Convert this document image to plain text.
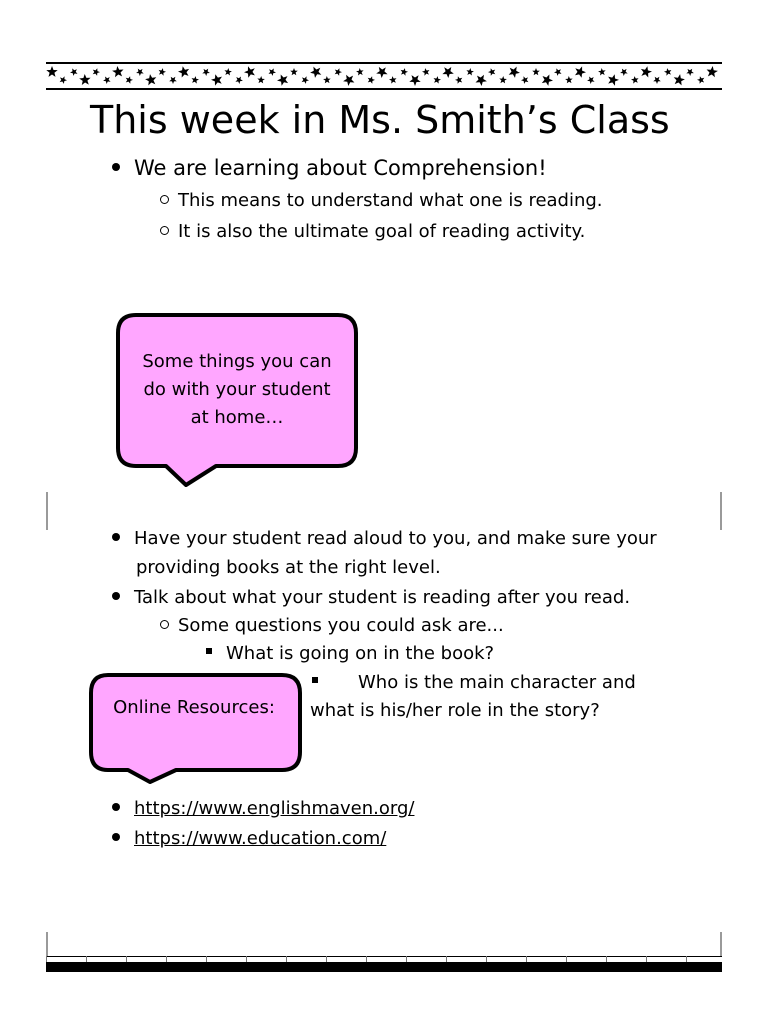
This week in Ms. Smith’s Class
We are learning about Comprehension!
This means to understand what one is reading.
It is also the ultimate goal of reading activity.
Some things you can
do with your student
at home…
Have your student read aloud to you, and make sure your
providing books at the right level.
Talk about what your student is reading after you read.
Some questions you could ask are...
What is going on in the book?
Who is the main character and
what is his/her role in the story?
Online Resources:
https://www.englishmaven.org/
https://www.education.com/
